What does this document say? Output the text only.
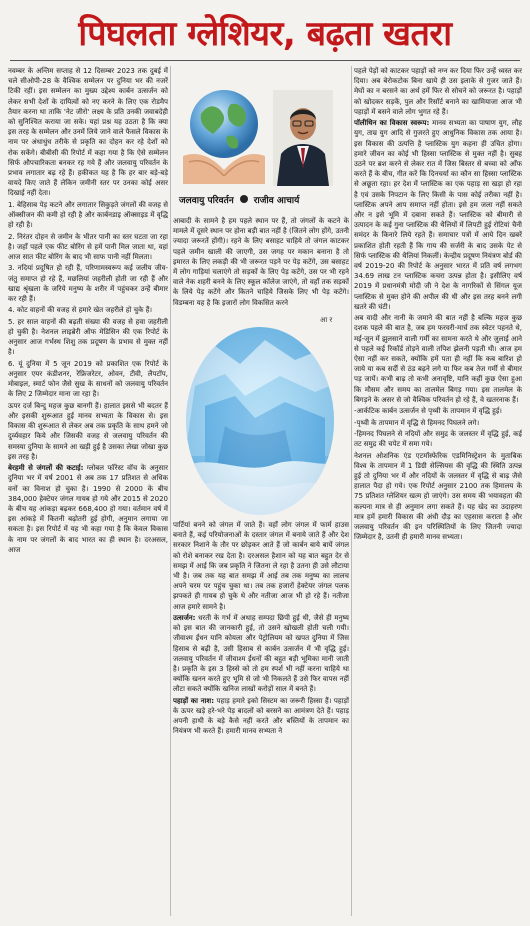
पिघलता ग्लेशियर, बढ़ता खतरा

नवम्बर के अन्तिम सप्ताह से 12 दिसम्बर 2023 तक दुबई में चले सीओपी-28 के वैश्विक सम्मेलन पर दुनिया भर की नजरें टिकी रहीं। इस सम्मेलन का मुख्य उद्देश्य कार्बन उत्सर्जन को लेकर सभी देशों के दायित्वों को नए करने के लिए एक रोडमैप तैयार करना था ताकि 'नेट जीरो' लक्ष्य के प्रति उनकी जवाबदेही को सुनिश्चित कराया जा सके। यहां प्रश्न यह उठता है कि क्या इस तरह के सम्मेलन और उनमें लिये जाने वाले फैसले विकास के नाम पर अंधाधुंध तरीके से प्रकृति का दोहन कर रहे देशों को रोक सकेंगे। बीबीसी की रिपोर्ट में कहा गया है कि ऐसे सम्मेलन सिर्फ औपचारिकता बनकर रह गये हैं और जलवायु परिवर्तन के प्रभाव लगातार बढ़ रहे हैं। हकीकत यह है कि हर बार बड़े-बड़े वायदे किए जाते हैं लेकिन जमीनी स्तर पर उनका कोई असर दिखाई नहीं देता।

1. बेहिसाब पेड़ कटने और लगातार सिकुड़ते जंगलों की वजह से ऑक्सीजन की कमी हो रही है और कार्बनडाइ ऑक्साइड में वृद्धि हो रही है।

2. निरंतर दोहन से जमीन के भीतर पानी का स्तर घटता जा रहा है। जहाँ पहले एक फीट बोरिंग से हमें पानी मिल जाता था, वहां आज सात फीट बोरिंग के बाद भी साफ पानी नहीं मिलता।

3. नदियां प्रदूषित हो रही हैं, परिणामस्वरूप कई जलीय जीव-जंतु समाप्त हो रहे हैं, मछलियां जहरीली होती जा रही हैं और खाद्य श्रृंखला के जरिये मनुष्य के शरीर में पहुंचकर उन्हें बीमार कर रही हैं।

4. कोट वाहनों की वजह से हमारे खेत जहरीले हो चुके हैं।

5. हर साल वाहनों की बढ़ती संख्या की वजह से हवा जहरीली हो चुकी है। नेशनल लाइब्रेरी ऑफ मेडिसिन की एक रिपोर्ट के अनुसार आज गर्भस्थ शिशु तक प्रदूषण के प्रभाव से मुक्त नहीं है।

6. यूं दुनिया में 5 जून 2019 को प्रकाशित एक रिपोर्ट के अनुसार एयर कंडीशनर, रेफ्रिजरेटर, ओवन, टीवी, लैपटॉप, मोबाइल, स्मार्ट फोन जैसे सुख के साधनों को जलवायु परिवर्तन के लिए 2 जिम्मेदार माना जा रहा है।

ऊपर दर्ज बिन्दु महज कुछ बानगी हैं। हालात इससे भी बदतर हैं और इसकी शुरूआत हुई मानव सभ्यता के विकास से। इस विकास की शुरूआत से लेकर अब तक प्रकृति के साथ हमने जो दुर्व्यवहार किये और जिसकी वजह से जलवायु परिवर्तन की समस्या दुनिया के सामने आ खड़ी हुई है उसका लेखा जोखा कुछ इस तरह है।

बेरहमी से जंगलों की कटाई: ग्लोबल फॉरेस्ट वॉच के अनुसार दुनिया भर में वर्ष 2001 से अब तक 17 प्रतिशत से अधिक वनों का विनाश हो चुका है। 1990 से 2000 के बीच 384,000 हेक्टेयर जंगल गायब हो गये और 2015 से 2020 के बीच यह आंकड़ा बढ़कर 668,400 हो गया। वर्तमान वर्ष में इस आंकड़े में कितनी बढ़ोतरी हुई होगी, अनुमान लगाया जा सकता है। इस रिपोर्ट में यह भी कहा गया है कि केवल विकास के नाम पर जंगलों के बाद भारत का ही स्थान है। दरअसल, आज

जलवायु परिवर्तन राजीव आचार्य

आबादी के सामने है हम पहले स्थान पर हैं, तो जंगलों के कटने के मामले में दूसरे स्थान पर होना बड़ी बात नहीं है (जितने लोग होंगे, उतनी ज्यादा जरूरतें होंगी)। रहने के लिए बसाहट चाहिये तो जंगल काटकर पहले जमीन खाली की जाएगी, उस जगह पर मकान बनाना है तो इमारत के लिए लकड़ी की भी जरूरत पड़ने पर पेड़ कटेंगे, उस बसाहट में लोग गाड़ियां चलाएंगे तो सड़कों के लिए पेड़ कटेंगे, उस पर भी रहने वाले नेक शहरी बनने के लिए स्कूल कॉलेज जाएंगे, तो वहाँ तक सड़कों के लिये पेड़ कटेंगे और कितने चाहिये जिसके लिए भी पेड़ कटेंगे। विडम्बना यह है कि इजारों लोग विकसित करने

आ र

पार्टियां बनने को जंगल में जाते हैं। वहाँ लोग जंगल में फार्म हाउस बनाते हैं, कई परियोजनाओं के दस्तार जंगल में बनाये जाते हैं और देश सरकार निशाने के तौर पर छोड़कर आते हैं जो कार्बन बाये बायें जंगल को रोशे बनाकर रख देता है। दरअसल हैशान को यह बात बहुत देर से समझ में आई कि जब प्रकृति ने जितना ले रहा है उतना ही उसे लौटाया भी है। जब तक यह बात समझ में आई तब तक मनुष्य का लालच अपने चरम पर पहुंच चुका था। तब तक हजारों हेक्टेयर जंगल पलक झपकते ही गायब हो चुके थे और नतीजा आज भी हो रहे हैं। नतीजा आज हमारे सामने है।

उत्सर्जन: धरती के गर्भ में अथाह सम्पदा छिपी हुई थी, जैसे ही मनुष्य को इस बात की जानकारी हुई, तो उसने खोखली होती चली गयी। जीवाश्म ईंधन यानि कोयला और पेट्रोलियम को खपत दुनिया में जिस हिसाब से बढ़ी है, उसी हिसाब से कार्बन उत्सर्जन में भी वृद्धि हुई। जलवायु परिवर्तन में जीवाश्म ईंधनों की बहुत बड़ी भूमिका मानी जाती है। प्रकृति के इस 3 हिस्से को तो हम स्पर्श भी नहीं करना चाहिये था क्योंकि खनन करते हुए भूमि से जो भी निकलते हैं उसे फिर वापस नहीं लौटा सकते क्योंकि खनिज लाखों करोड़ों साल में बनते हैं।

पहाड़ों का नाश: पहाड़ हमारे इको सिस्टम का जरूरी हिस्सा हैं। पहाड़ों के ऊपर खड़े हरे-भरे पेड़ बादलों को बरसने का आमंत्रण देते हैं। पहाड़ अपनी हाथी के बड़े कैसे नहीं करते और बस्तियों के तापमान का नियंत्रण भी करते हैं। हमारी मानव सभ्यता ने

पहले पेड़ों को काटकर पहाड़ों को नग्न कर दिया फिर उन्हें ध्वस्त कर दिया। अब बेरोकटोक बिना खाये ही उस इलाके से गुजर जाते हैं। मेघों का न बरसने का अर्थ हमें फिर से सोचने को जरूरत है। पहाड़ों को खोदकर सड़कें, पुल और रिसॉर्ट बनाने का खामियाजा आज भी पहाड़ों में बसने वाले लोग भुगत रहे हैं।

पॉलीथिन का विकास स्वरूप: मानव सभ्यता का पाषाण युग, लौह युग, ताम्र युग आदि से गुजरते हुए आधुनिक विकास तक आया है। इस विकास की उत्पत्ति है प्लास्टिक युग कहना ही उचित होगा। हमारे जीवन का कोई भी हिस्सा प्लास्टिक से मुक्त नहीं है। सुबह उठने पर ब्रश करने से लेकर रात में जिस बिस्तर से बच्चा को आँफ करते हैं के बीच, गीत करें कि दिनचर्या का कौन सा हिस्सा प्लास्टिक से अछूता रहा। हर देश में प्लास्टिक का एक पहाड़ सा खड़ा हो रहा है एवं उसके निपटान के लिए किसी के पास कोई तरीका नहीं है। प्लास्टिक अपने आप समाप्त नहीं होता। इसे हम जला नहीं सकते और न इसे भूमि में दबाना सकते हैं। प्लास्टिक को बीमारी से उत्पादन के कई गुना प्लास्टिक की थैलियों में लिपटी हुई रोटियां चैनी समंदर के किनारे लिये रहते हैं। समाचार पत्रों में आये दिन खबरें प्रकाशित होती रहती हैं कि गाय की सर्जरी के बाद उसके पेट से सिर्फ प्लास्टिक की थैलियां निकलीं। केन्द्रीय प्रदूषण नियंत्रण बोर्ड की वर्ष 2019-20 की रिपोर्ट के अनुसार भारत में प्रति वर्ष लगभग 34.69 लाख टन प्लास्टिक कचरा उत्पन्न होता है। इसीलिए वर्ष 2019 में प्रधानमंत्री मोदी जी ने देश के नागरिकों से सिंगल यूज प्लास्टिक से मुक्त होने की अपील की थी और इस तरह बनने लगी खतरे की घंटी।

अब वादी और नानी के जमाने की बात नहीं है बल्कि महज कुछ दशक पहले की बात है, जब हम फरवरी-मार्च तक स्वेटर पहनते थे, मई-जून में झुलसाने वाली गर्मी का सामना करते थे और जुलाई आने से पहले कई रिकॉर्ड तोड़ने वाली तपिश झेलनी पड़ती थी। आज हम ऐसा नहीं कर सकते, क्योंकि हमें पता ही नहीं कि कब बारिश हो जाये या कब सर्दी से ठंड बढ़ने लगे या फिर कब तेज गर्मी से बीमार पड़ जायें। कभी बाढ़ तो कभी अनावृष्टि, यानि कहीं कुछ ऐसा हुआ कि मौसम और समय का तालमेल बिगड़ गया। इस तालमेल के बिगड़ने के असर से जो वैश्विक परिवर्तन हो रहे हैं, वे खतरनाक हैं।

-आर्कटिक कार्बन उत्सर्जन से पृथ्वी के तापमान में वृद्धि हुई।

-पृथ्वी के तापमान में वृद्धि से हिमनद पिघलने लगे।

-हिमनद पिघलने से नदियों और समुद्र के जलस्तर में वृद्धि हुई, कई तट समुद्र की चपेट में समा गये।

नेशनल ओशनिक एंड एटमॉस्फेरिक एडमिनिस्ट्रेशन के मुताबिक विश्व के तापमान में 1 डिग्री सेल्सियस की वृद्धि की स्थिति उत्पन्न हुई तो दुनिया भर में और नदियों के जलस्तर में वृद्धि से बाढ़ जैसे हालात पैदा हो गये। एक रिपोर्ट अनुसार 2100 तक हिमालय के 75 प्रतिशत ग्लेशियर खत्म हो जाएंगे। उस समय की भयावहता की कल्पना मात्र से ही अनुमान लगा सकते हैं। यह खेद का उदाहरण मात्र हमें हमारी विकास की अंधी दौड़ का एहसास कराता है और जलवायु परिवर्तन की इन परिस्थितियों के लिए जितनी ज्यादा जिम्मेदार है, उतनी ही हमारी मानव सभ्यता।
